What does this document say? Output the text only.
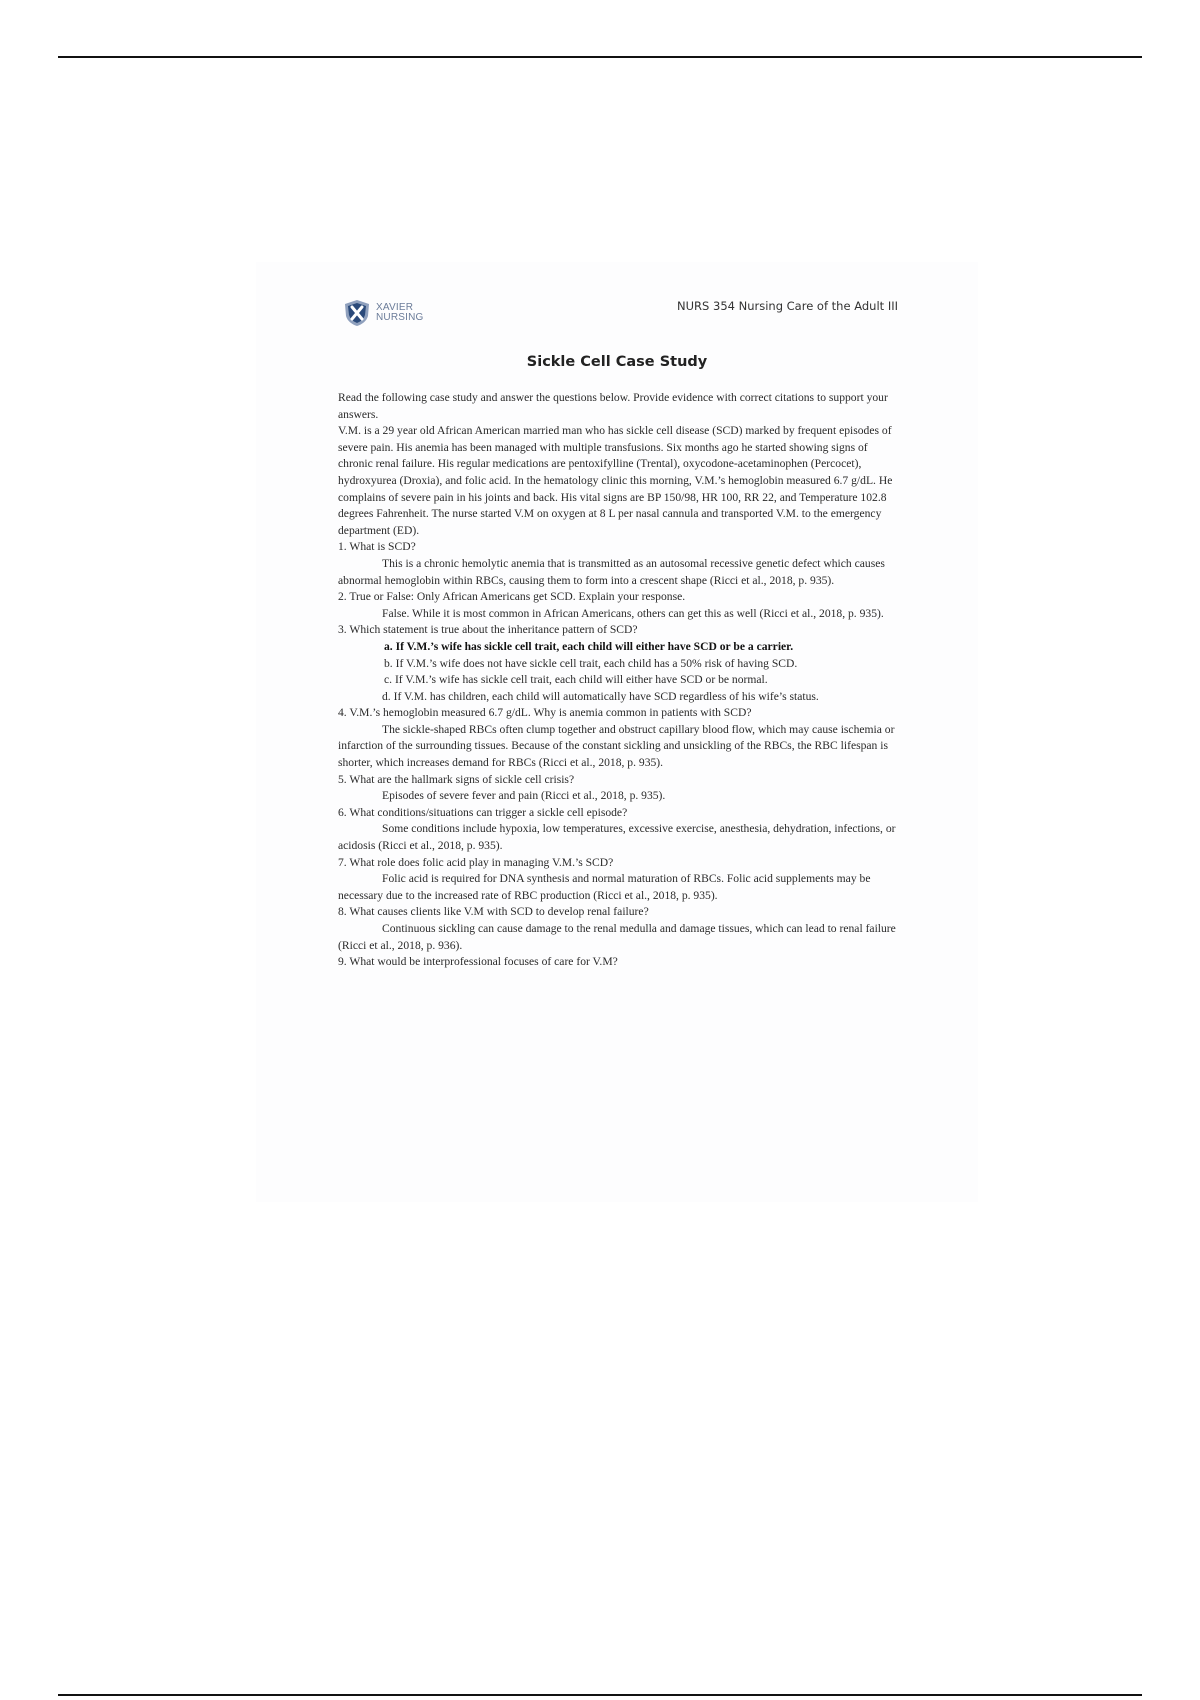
XAVIER
NURSING
NURS 354 Nursing Care of the Adult III
Sickle Cell Case Study

Read the following case study and answer the questions below. Provide evidence with correct citations to support your answers.

V.M. is a 29 year old African American married man who has sickle cell disease (SCD) marked by frequent episodes of severe pain. His anemia has been managed with multiple transfusions. Six months ago he started showing signs of chronic renal failure. His regular medications are pentoxifylline (Trental), oxycodone-acetaminophen (Percocet), hydroxyurea (Droxia), and folic acid. In the hematology clinic this morning, V.M.’s hemoglobin measured 6.7 g/dL. He complains of severe pain in his joints and back. His vital signs are BP 150/98, HR 100, RR 22, and Temperature 102.8 degrees Fahrenheit. The nurse started V.M on oxygen at 8 L per nasal cannula and transported V.M. to the emergency department (ED).

1. What is SCD?

This is a chronic hemolytic anemia that is transmitted as an autosomal recessive genetic defect which causes abnormal hemoglobin within RBCs, causing them to form into a crescent shape (Ricci et al., 2018, p. 935).

2. True or False: Only African Americans get SCD. Explain your response.

False. While it is most common in African Americans, others can get this as well (Ricci et al., 2018, p. 935).

3. Which statement is true about the inheritance pattern of SCD?

a. If V.M.’s wife has sickle cell trait, each child will either have SCD or be a carrier.

b. If V.M.’s wife does not have sickle cell trait, each child has a 50% risk of having SCD.

c. If V.M.’s wife has sickle cell trait, each child will either have SCD or be normal.

d. If V.M. has children, each child will automatically have SCD regardless of his wife’s status.

4. V.M.’s hemoglobin measured 6.7 g/dL. Why is anemia common in patients with SCD?

The sickle-shaped RBCs often clump together and obstruct capillary blood flow, which may cause ischemia or infarction of the surrounding tissues. Because of the constant sickling and unsickling of the RBCs, the RBC lifespan is shorter, which increases demand for RBCs (Ricci et al., 2018, p. 935).

5. What are the hallmark signs of sickle cell crisis?

Episodes of severe fever and pain (Ricci et al., 2018, p. 935).

6. What conditions/situations can trigger a sickle cell episode?

Some conditions include hypoxia, low temperatures, excessive exercise, anesthesia, dehydration, infections, or acidosis (Ricci et al., 2018, p. 935).

7. What role does folic acid play in managing V.M.’s SCD?

Folic acid is required for DNA synthesis and normal maturation of RBCs. Folic acid supplements may be necessary due to the increased rate of RBC production (Ricci et al., 2018, p. 935).

8. What causes clients like V.M with SCD to develop renal failure?

Continuous sickling can cause damage to the renal medulla and damage tissues, which can lead to renal failure (Ricci et al., 2018, p. 936).

9. What would be interprofessional focuses of care for V.M?
